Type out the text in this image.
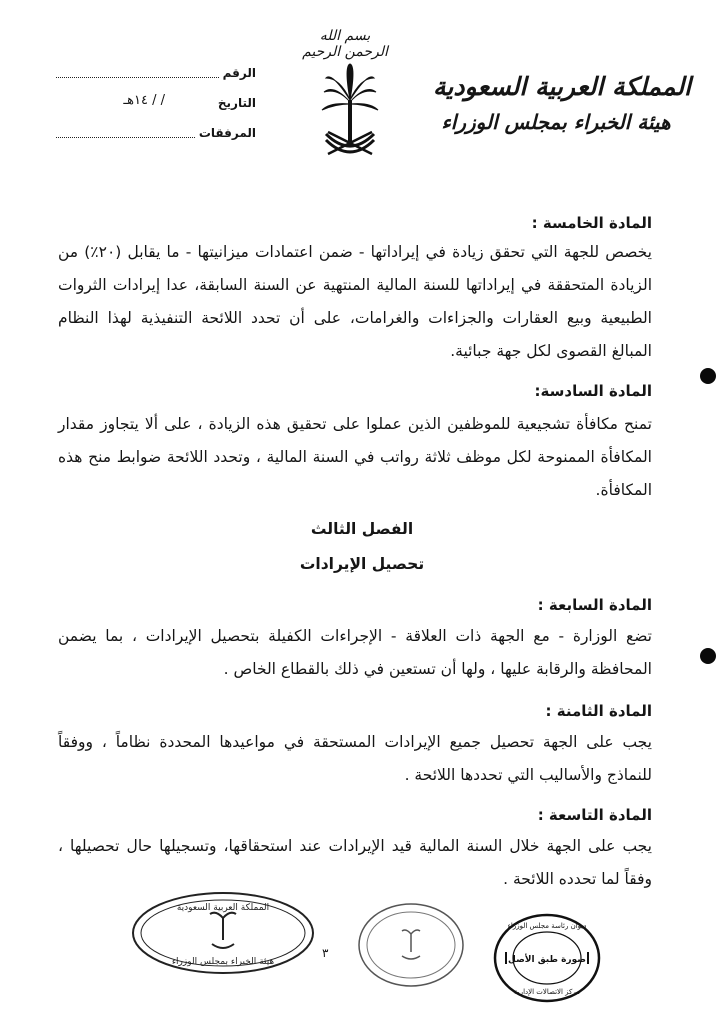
بسم الله الرحمن الرحيم
المملكة العربية السعودية
هيئة الخبراء بمجلس الوزراء
الرقم
التاريخ
/ / ١٤هـ
المرفقات
المادة الخامسة :
يخصص للجهة التي تحقق زيادة في إيراداتها - ضمن اعتمادات ميزانيتها - ما يقابل (٢٠٪) من الزيادة المتحققة في إيراداتها للسنة المالية المنتهية عن السنة السابقة، عدا إيرادات الثروات الطبيعية وبيع العقارات والجزاءات والغرامات، على أن تحدد اللائحة التنفيذية لهذا النظام المبالغ القصوى لكل جهة جبائية.
المادة السادسة:
تمنح مكافأة تشجيعية للموظفين الذين عملوا على تحقيق هذه الزيادة ، على ألا يتجاوز مقدار المكافأة الممنوحة لكل موظف ثلاثة رواتب في السنة المالية ، وتحدد اللائحة ضوابط منح هذه المكافأة.
الفصل الثالث
تحصيل الإيرادات
المادة السابعة :
تضع الوزارة - مع الجهة ذات العلاقة - الإجراءات الكفيلة بتحصيل الإيرادات ، بما يضمن المحافظة والرقابة عليها ، ولها أن تستعين في ذلك بالقطاع الخاص .
المادة الثامنة :
يجب على الجهة تحصيل جميع الإيرادات المستحقة في مواعيدها المحددة نظاماً ، ووفقاً للنماذج والأساليب التي تحددها اللائحة .
المادة التاسعة :
يجب على الجهة خلال السنة المالية قيد الإيرادات عند استحقاقها، وتسجيلها حال تحصيلها ، وفقاً لما تحدده اللائحة .
٣
المملكة العربية السعودية
هيئة الخبراء بمجلس الوزراء
ديوان رئاسة مجلس الوزراء
صورة طبق الأصل
مركز الاتصالات الإدارية
